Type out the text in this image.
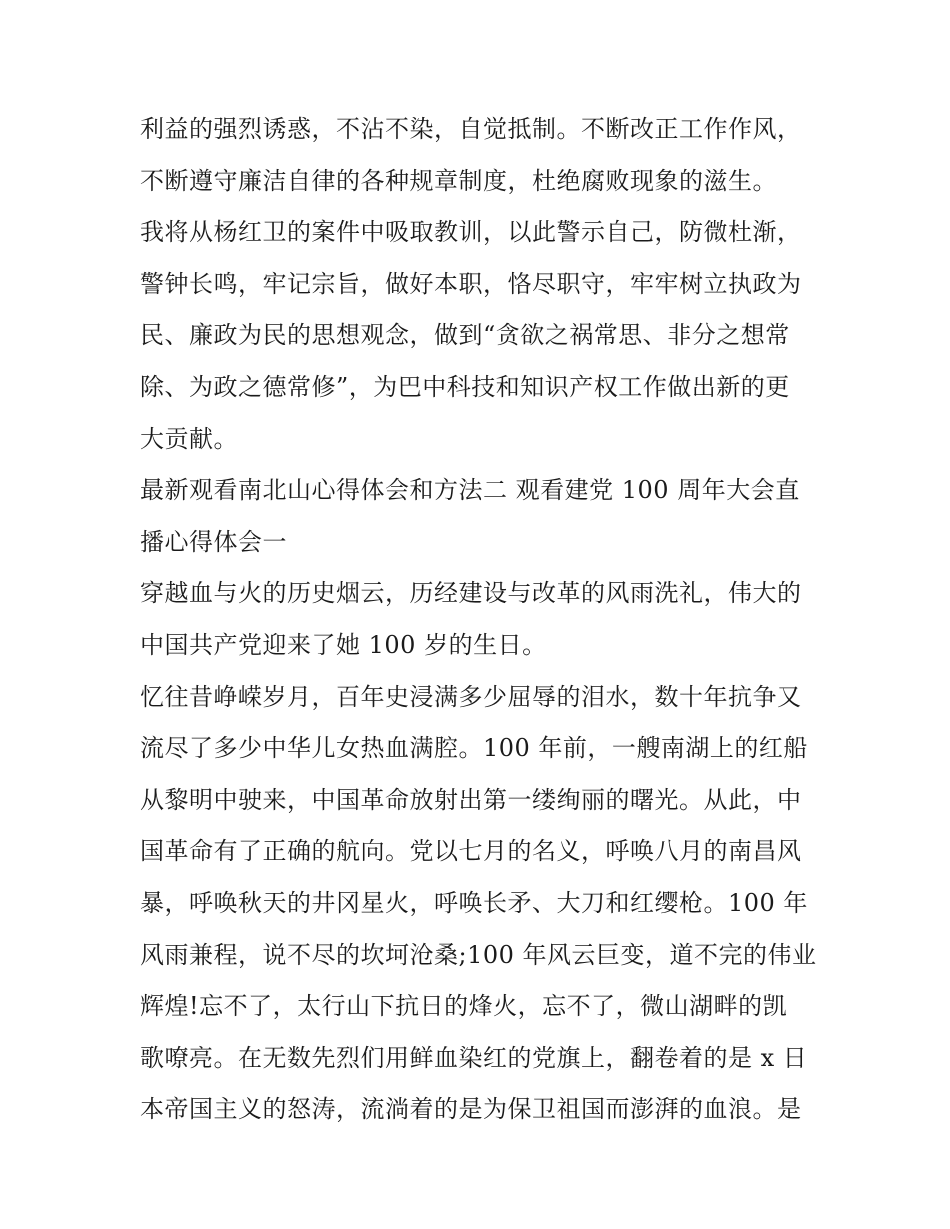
利益的强烈诱惑，不沾不染，自觉抵制。不断改正工作作风，
不断遵守廉洁自律的各种规章制度，杜绝腐败现象的滋生。
我将从杨红卫的案件中吸取教训，以此警示自己，防微杜渐，
警钟长鸣，牢记宗旨，做好本职，恪尽职守，牢牢树立执政为
民、廉政为民的思想观念，做到“贪欲之祸常思、非分之想常
除、为政之德常修”，为巴中科技和知识产权工作做出新的更
大贡献。
最新观看南北山心得体会和方法二 观看建党 100 周年大会直
播心得体会一
穿越血与火的历史烟云，历经建设与改革的风雨洗礼，伟大的
中国共产党迎来了她 100 岁的生日。
忆往昔峥嵘岁月，百年史浸满多少屈辱的泪水，数十年抗争又
流尽了多少中华儿女热血满腔。100 年前，一艘南湖上的红船
从黎明中驶来，中国革命放射出第一缕绚丽的曙光。从此，中
国革命有了正确的航向。党以七月的名义，呼唤八月的南昌风
暴，呼唤秋天的井冈星火，呼唤长矛、大刀和红缨枪。100 年
风雨兼程，说不尽的坎坷沧桑;100 年风云巨变，道不完的伟业
辉煌!忘不了，太行山下抗日的烽火，忘不了，微山湖畔的凯
歌嘹亮。在无数先烈们用鲜血染红的党旗上，翻卷着的是 x 日
本帝国主义的怒涛，流淌着的是为保卫祖国而澎湃的血浪。是
